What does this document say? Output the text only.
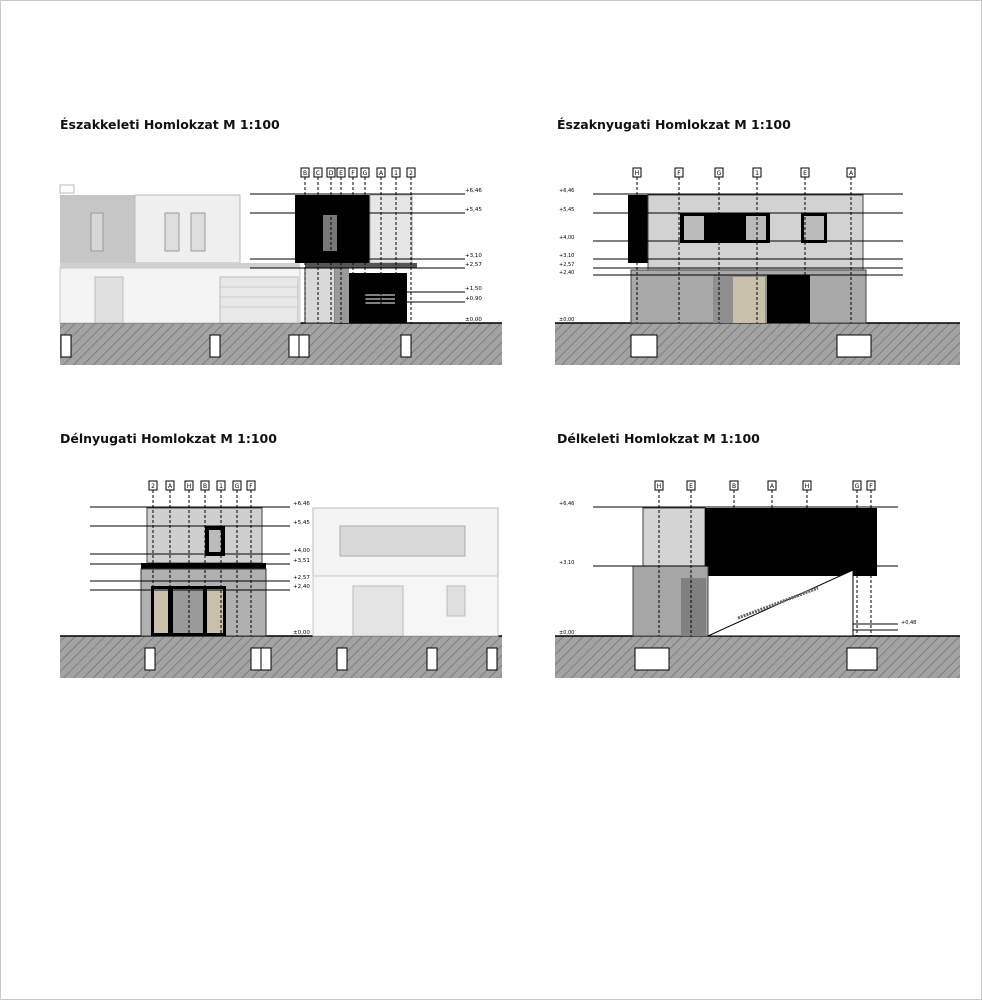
Északkeleti Homlokzat M 1:100	Északnyugati Homlokzat M 1:100
Délnyugati Homlokzat M 1:100	Délkeleti Homlokzat M 1:100
B C D E F G A 1 2
+6,46
+5,45
+3,10
+2,57
+1,50
+0,90
±0,00
H	F	G	1	E	A
+6,46
+5,45
+4,00
+3,10
+2,57
+2,40
±0,00
2 A H B 1 G F
+6,46
+5,45
+4,00
+3,51
+2,57
+2,40
±0,00
H	E	B	A	H	G F
+6,46
+3,10
+0,48
±0,00
